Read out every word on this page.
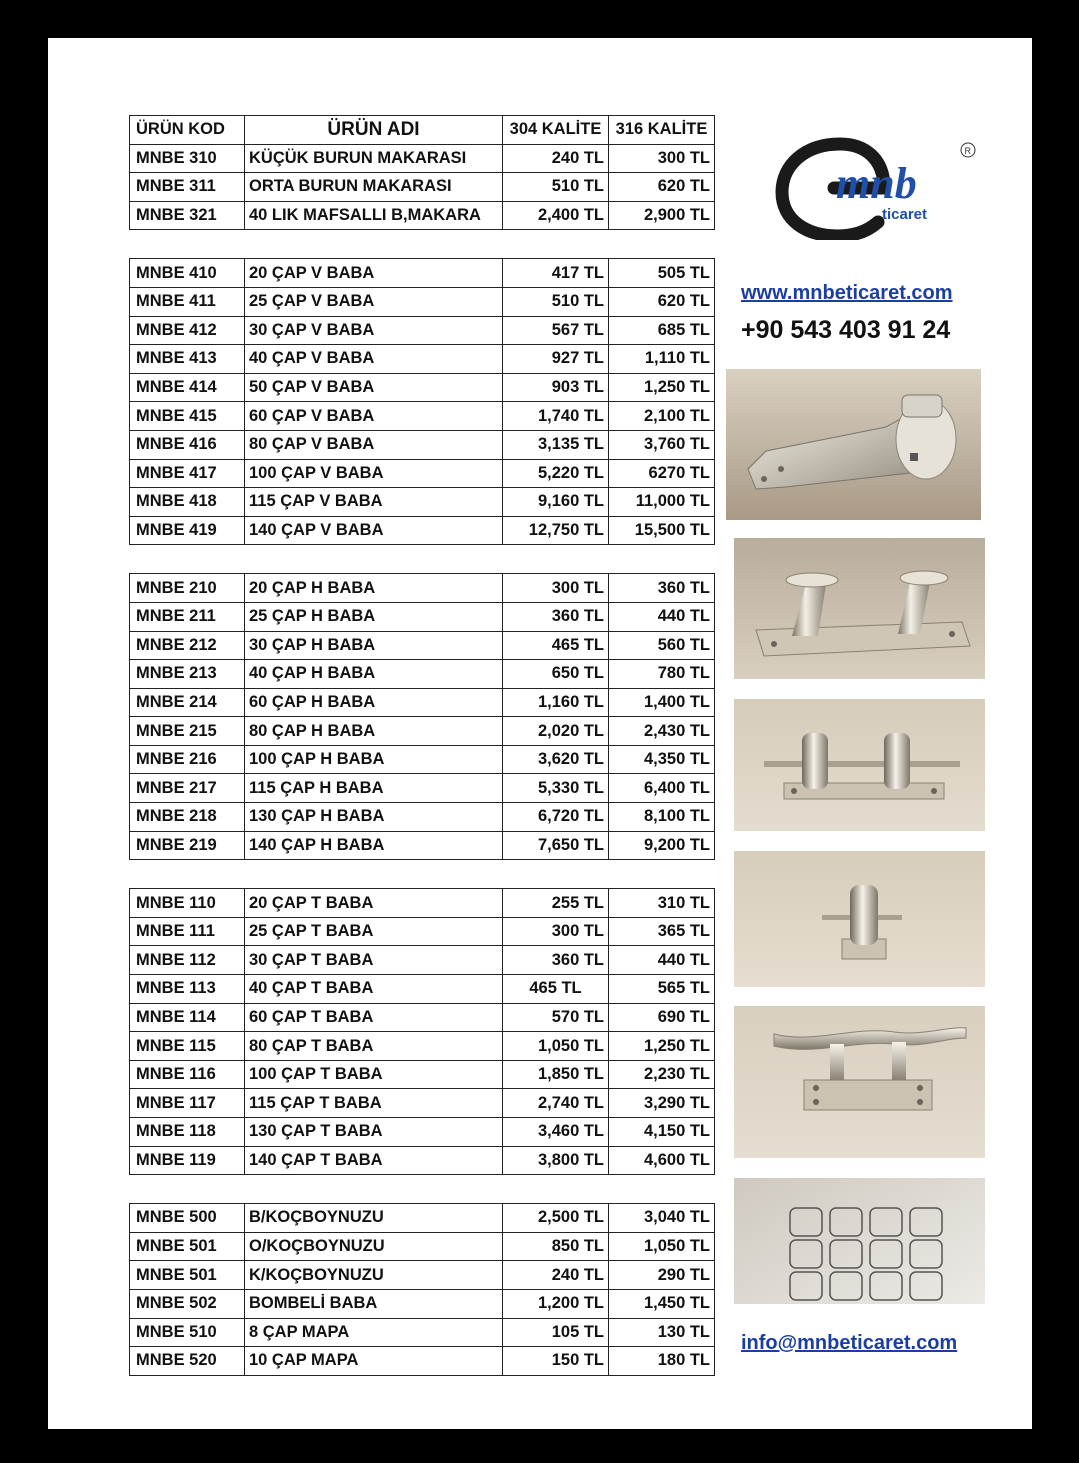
ÜRÜN KOD	ÜRÜN ADI	304 KALİTE	316 KALİTE
MNBE 310	KÜÇÜK BURUN MAKARASI	240 TL	300 TL
MNBE 311	ORTA BURUN MAKARASI	510 TL	620 TL
MNBE 321	40 LIK MAFSALLI B,MAKARA	2,400 TL	2,900 TL
MNBE 410	20 ÇAP V BABA	417 TL	505 TL
MNBE 411	25 ÇAP V BABA	510 TL	620 TL
MNBE 412	30 ÇAP V BABA	567 TL	685 TL
MNBE 413	40 ÇAP V BABA	927 TL	1,110 TL
MNBE 414	50 ÇAP V BABA	903 TL	1,250 TL
MNBE 415	60 ÇAP V BABA	1,740 TL	2,100 TL
MNBE 416	80 ÇAP V BABA	3,135 TL	3,760 TL
MNBE 417	100 ÇAP V BABA	5,220 TL	6270 TL
MNBE 418	115 ÇAP V BABA	9,160 TL	11,000 TL
MNBE 419	140 ÇAP V BABA	12,750 TL	15,500 TL
MNBE 210	20 ÇAP H BABA	300 TL	360 TL
MNBE 211	25 ÇAP H BABA	360 TL	440 TL
MNBE 212	30 ÇAP H BABA	465 TL	560 TL
MNBE 213	40 ÇAP H BABA	650 TL	780 TL
MNBE 214	60 ÇAP H BABA	1,160 TL	1,400 TL
MNBE 215	80 ÇAP H BABA	2,020 TL	2,430 TL
MNBE 216	100 ÇAP H BABA	3,620 TL	4,350 TL
MNBE 217	115 ÇAP H BABA	5,330 TL	6,400 TL
MNBE 218	130 ÇAP H BABA	6,720 TL	8,100 TL
MNBE 219	140 ÇAP H BABA	7,650 TL	9,200 TL
MNBE 110	20 ÇAP T BABA	255 TL	310 TL
MNBE 111	25 ÇAP T BABA	300 TL	365 TL
MNBE 112	30 ÇAP T BABA	360 TL	440 TL
MNBE 113	40 ÇAP T BABA	465 TL	565 TL
MNBE 114	60 ÇAP T BABA	570 TL	690 TL
MNBE 115	80 ÇAP T BABA	1,050 TL	1,250 TL
MNBE 116	100 ÇAP T BABA	1,850 TL	2,230 TL
MNBE 117	115 ÇAP T BABA	2,740 TL	3,290 TL
MNBE 118	130 ÇAP T BABA	3,460 TL	4,150 TL
MNBE 119	140 ÇAP T BABA	3,800 TL	4,600 TL
MNBE 500	B/KOÇBOYNUZU	2,500 TL	3,040 TL
MNBE 501	O/KOÇBOYNUZU	850 TL	1,050 TL
MNBE 501	K/KOÇBOYNUZU	240 TL	290 TL
MNBE 502	BOMBELİ BABA	1,200 TL	1,450 TL
MNBE 510	8 ÇAP MAPA	105 TL	130 TL
MNBE 520	10 ÇAP MAPA	150 TL	180 TL
mnb
ticaret
R
www.mnbeticaret.com
+90 543 403 91 24
info@mnbeticaret.com
